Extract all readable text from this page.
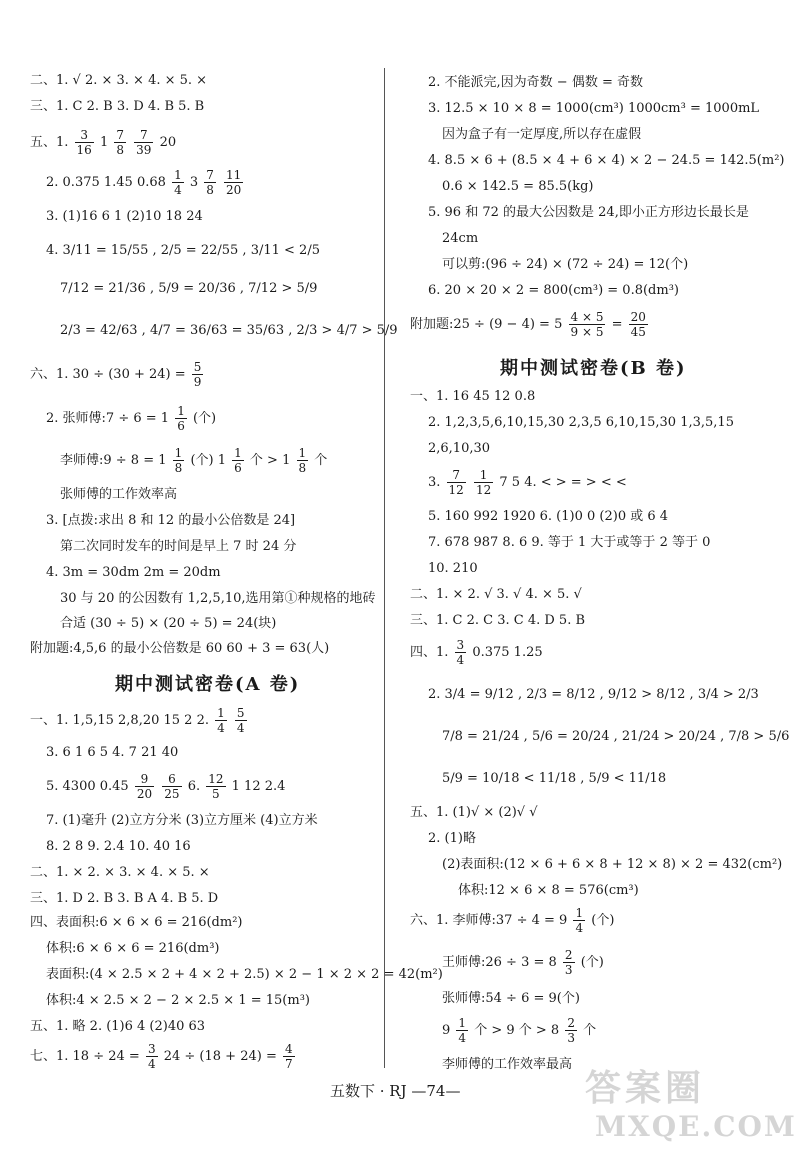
二、1. √ 2. × 3. × 4. × 5. ×
三、1. C 2. B 3. D 4. B 5. B
五、1. $\frac{3}{16} 1 \frac{7}{8}$
$\frac{7}{39} 20$
2. 0.375 1.45 $0.68 \frac{1}{4} 3 \frac{7}{8}$
$\frac{11}{20}$
3. (1)16 6 1 (2)10 18 24
4. 3/11 = 15/55 , 2/5 = 22/55 , 3/11 < 2/5
7/12 = 21/36 , 5/9 = 20/36 , 7/12 > 5/9
2/3 = 42/63 , 4/7 = 36/63 = 35/63 , 2/3 > 4/7 > 5/9
六、1. $30 \div (30 + 24) = \frac{5}{9}$
2. 张师傅:7 ÷ $6 = 1 \frac{1}{6}$ (个)
李师傅:9 ÷ $8 = 1 \frac{1}{8}$ (个) $1 \frac{1}{6}$ 个 > $1 \frac{1}{8}$ 个
张师傅的工作效率高
3. [点拨:求出 8 和 12 的最小公倍数是 24]
第二次同时发车的时间是早上 7 时 24 分
4. 3m = 30dm 2m = 20dm
30 与 20 的公因数有 1,2,5,10,选用第①种规格的地砖
合适 (30 ÷ 5) × (20 ÷ 5) = 24(块)
附加题:4,5,6 的最小公倍数是 60 60 + 3 = 63(人)
期中测试密卷(A 卷)
一、1. 1,5,15 2,8,20 15 2 2. $\frac{1}{4}$
$\frac{5}{4}$
3. 6 1 6 5 4. 7 21 40
5. 4300 $0.45 \frac{9}{20}$
$\frac{6}{25} 6$. $\frac{12}{5} 1$ 12 2.4
7. (1)毫升 (2)立方分米 (3)立方厘米 (4)立方米
8. 2 8 9. 2.4 10. 40 16
二、1. × 2. × 3. × 4. × 5. ×
三、1. D 2. B 3. B A 4. B 5. D
四、表面积:6 × 6 × 6 = 216(dm²)
体积:6 × 6 × 6 = 216(dm³)
表面积:(4 × 2.5 × 2 + 4 × 2 + 2.5) × 2 − 1 × 2 × 2 = 42(m²)
体积:4 × 2.5 × 2 − 2 × 2.5 × 1 = 15(m³)
五、1. 略 2. (1)6 4 (2)40 63
七、1. $18 \div 24 = \frac{3}{4} 24 \div (18 + 24) = \frac{4}{7}$
2. 不能派完,因为奇数 − 偶数 = 奇数
3. 12.5 × 10 × 8 = 1000(cm³) 1000cm³ = 1000mL
因为盒子有一定厚度,所以存在虚假
4. 8.5 × 6 + (8.5 × 4 + 6 × 4) × 2 − 24.5 = 142.5(m²)
0.6 × 142.5 = 85.5(kg)
5. 96 和 72 的最大公因数是 24,即小正方形边长最长是
24cm
可以剪:(96 ÷ 24) × (72 ÷ 24) = 12(个)
6. 20 × 20 × 2 = 800(cm³) = 0.8(dm³)
附加题:25 ÷ $(9 - 4) = 5 \frac{4 \times 5}{9 \times 5} = \frac{20}{45}$
期中测试密卷(B 卷)
一、1. 16 45 12 0.8
2. 1,2,3,5,6,10,15,30 2,3,5 6,10,15,30 1,3,5,15
2,6,10,30
3. $\frac{7}{12}$
$\frac{1}{12} 7$ 5 4. < > = > < <
5. 160 992 1920 6. (1)0 0 (2)0 或 6 4
7. 678 987 8. 6 9. 等于 1 大于或等于 2 等于 0
10. 210
二、1. × 2. √ 3. √ 4. × 5. √
三、1. C 2. C 3. C 4. D 5. B
四、1. $\frac{3}{4} 0.375$ 1.25
2. 3/4 = 9/12 , 2/3 = 8/12 , 9/12 > 8/12 , 3/4 > 2/3
7/8 = 21/24 , 5/6 = 20/24 , 21/24 > 20/24 , 7/8 > 5/6
5/9 = 10/18 < 11/18 , 5/9 < 11/18
五、1. (1)√ × (2)√ √
2. (1)略
(2)表面积:(12 × 6 + 6 × 8 + 12 × 8) × 2 = 432(cm²)
体积:12 × 6 × 8 = 576(cm³)
六、1. 李师傅:37 ÷ $4 = 9 \frac{1}{4}$ (个)
王师傅:26 ÷ $3 = 8 \frac{2}{3}$ (个)
张师傅:54 ÷ 6 = 9(个)
$9 \frac{1}{4}$ 个 > 9 个 > $8 \frac{2}{3}$ 个
李师傅的工作效率最高
五数下 · RJ —74—	答案圈
MXQE.COM
